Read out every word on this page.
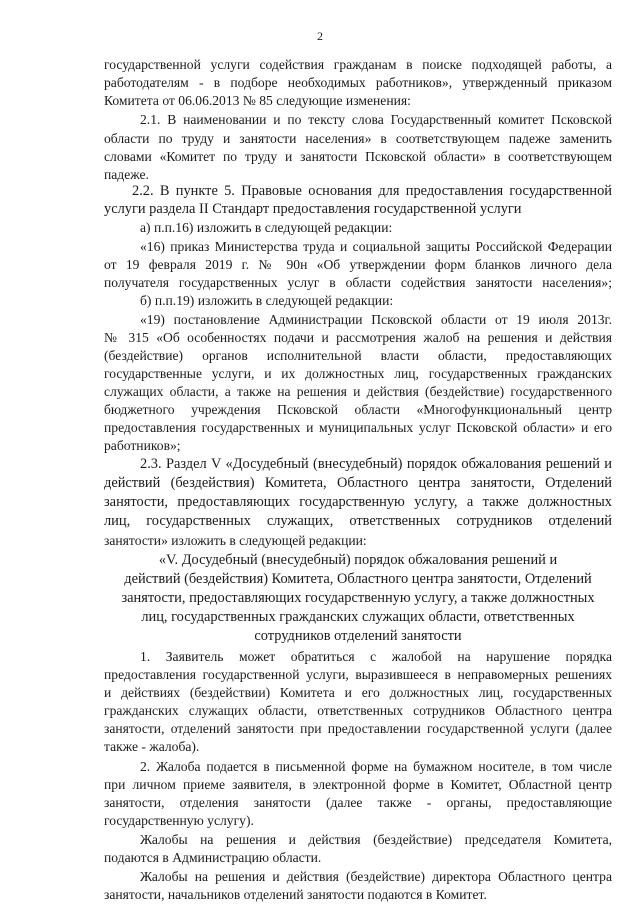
2
государственной услуги содействия гражданам в поиске подходящей работы, а
работодателям - в подборе необходимых работников», утвержденный приказом
Комитета от 06.06.2013 № 85 следующие изменения:
2.1. В наименовании и по тексту слова Государственный комитет Псковской
области по труду и занятости населения» в соответствующем падеже заменить
словами «Комитет по труду и занятости Псковской области» в соответствующем
падеже.
2.2. В пункте 5. Правовые основания для предоставления государственной
услуги раздела II Стандарт предоставления государственной услуги
а) п.п.16) изложить в следующей редакции:
«16) приказ Министерства труда и социальной защиты Российской Федерации
от 19 февраля 2019 г. № 90н «Об утверждении форм бланков личного дела
получателя государственных услуг в области содействия занятости населения»;
б) п.п.19) изложить в следующей редакции:
«19) постановление Администрации Псковской области от 19 июля 2013г.
№ 315 «Об особенностях подачи и рассмотрения жалоб на решения и действия
(бездействие) органов исполнительной власти области, предоставляющих
государственные услуги, и их должностных лиц, государственных гражданских
служащих области, а также на решения и действия (бездействие) государственного
бюджетного учреждения Псковской области «Многофункциональный центр
предоставления государственных и муниципальных услуг Псковской области» и его
работников»;
2.3. Раздел V «Досудебный (внесудебный) порядок обжалования решений и
действий (бездействия) Комитета, Областного центра занятости, Отделений
занятости, предоставляющих государственную услугу, а также должностных
лиц, государственных служащих, ответственных сотрудников отделений
занятости» изложить в следующей редакции:
«V. Досудебный (внесудебный) порядок обжалования решений и
действий (бездействия) Комитета, Областного центра занятости, Отделений
занятости, предоставляющих государственную услугу, а также должностных
лиц, государственных гражданских служащих области, ответственных
сотрудников отделений занятости
1. Заявитель может обратиться с жалобой на нарушение порядка
предоставления государственной услуги, выразившееся в неправомерных решениях
и действиях (бездействии) Комитета и его должностных лиц, государственных
гражданских служащих области, ответственных сотрудников Областного центра
занятости, отделений занятости при предоставлении государственной услуги (далее
также - жалоба).
2. Жалоба подается в письменной форме на бумажном носителе, в том числе
при личном приеме заявителя, в электронной форме в Комитет, Областной центр
занятости, отделения занятости (далее также - органы, предоставляющие
государственную услугу).
Жалобы на решения и действия (бездействие) председателя Комитета,
подаются в Администрацию области.
Жалобы на решения и действия (бездействие) директора Областного центра
занятости, начальников отделений занятости подаются в Комитет.
